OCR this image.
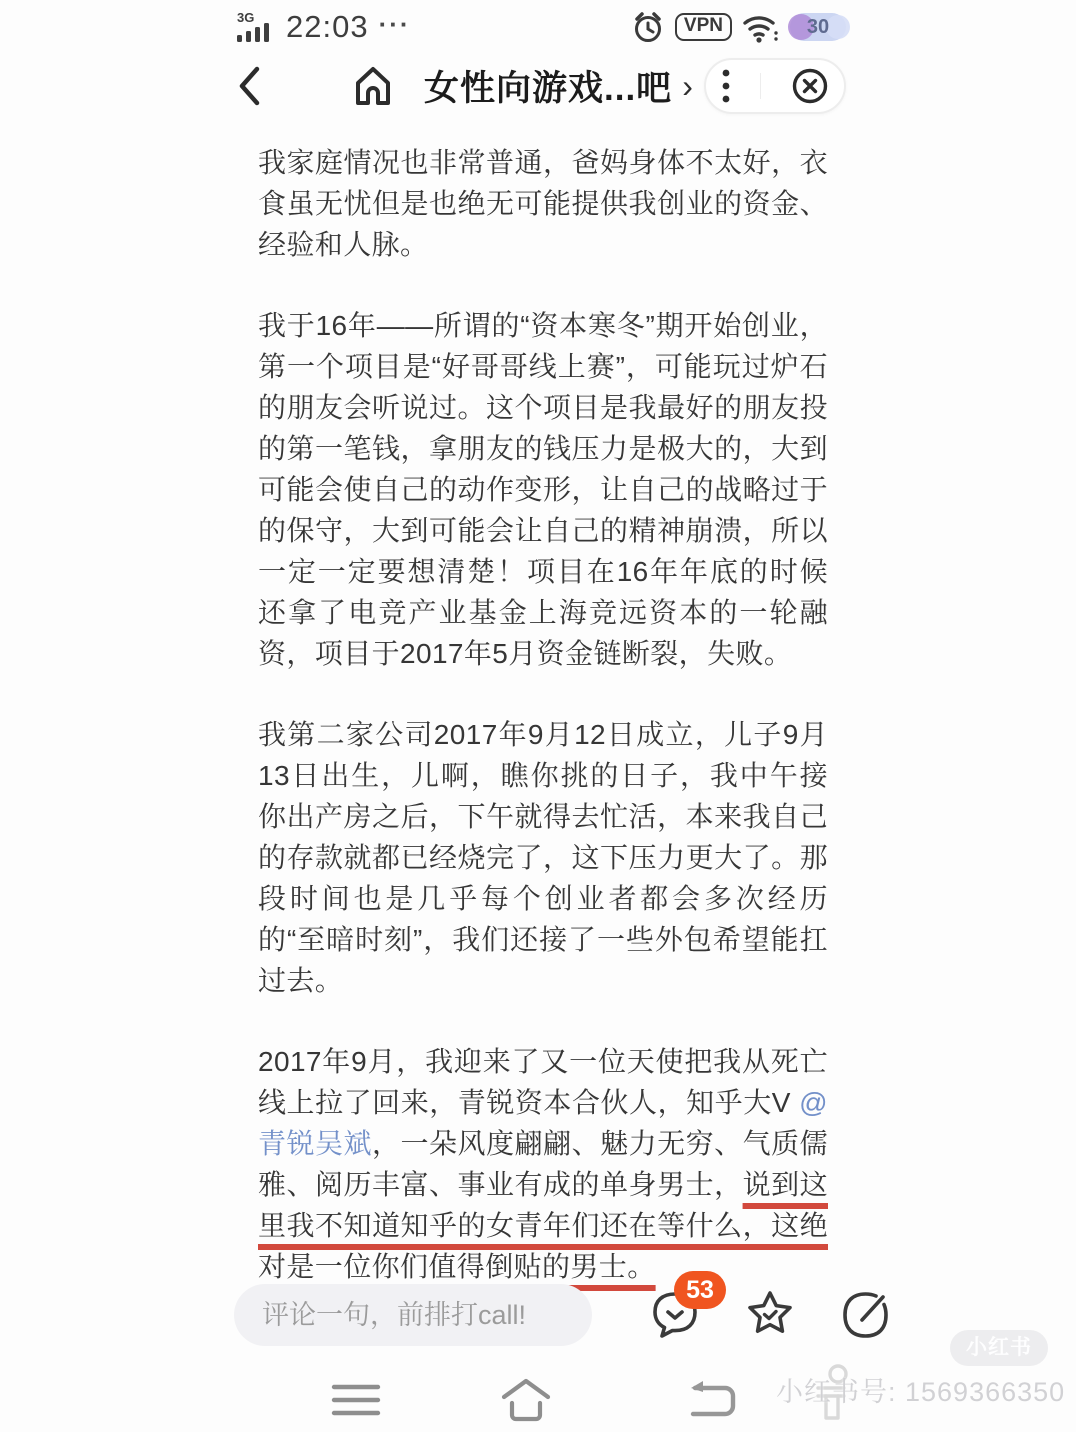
3G 22:03 ···	VPN	30
女性向游戏...吧 ›

我家庭情况也非常普通，爸妈身体不太好，衣食虽无忧但是也绝无可能提供我创业的资金、经验和人脉。

我于16年——所谓的“资本寒冬”期开始创业，第一个项目是“好哥哥线上赛”，可能玩过炉石的朋友会听说过。这个项目是我最好的朋友投的第一笔钱，拿朋友的钱压力是极大的，大到可能会使自己的动作变形，让自己的战略过于的保守，大到可能会让自己的精神崩溃，所以一定一定要想清楚！项目在16年年底的时候还拿了电竞产业基金上海竞远资本的一轮融资，项目于2017年5月资金链断裂，失败。

我第二家公司2017年9月12日成立，儿子9月13日出生，儿啊，瞧你挑的日子，我中午接你出产房之后，下午就得去忙活，本来我自己的存款就都已经烧完了，这下压力更大了。那段时间也是几乎每个创业者都会多次经历的“至暗时刻”，我们还接了一些外包希望能扛过去。

2017年9月，我迎来了又一位天使把我从死亡线上拉了回来，青锐资本合伙人，知乎大V @青锐吴斌，一朵风度翩翩、魅力无穷、气质儒雅、阅历丰富、事业有成的单身男士，说到这里我不知道知乎的女青年们还在等什么，这绝对是一位你们值得倒贴的男士。

评论一句，前排打call!
53
小红书
小红书号: 1569366350
